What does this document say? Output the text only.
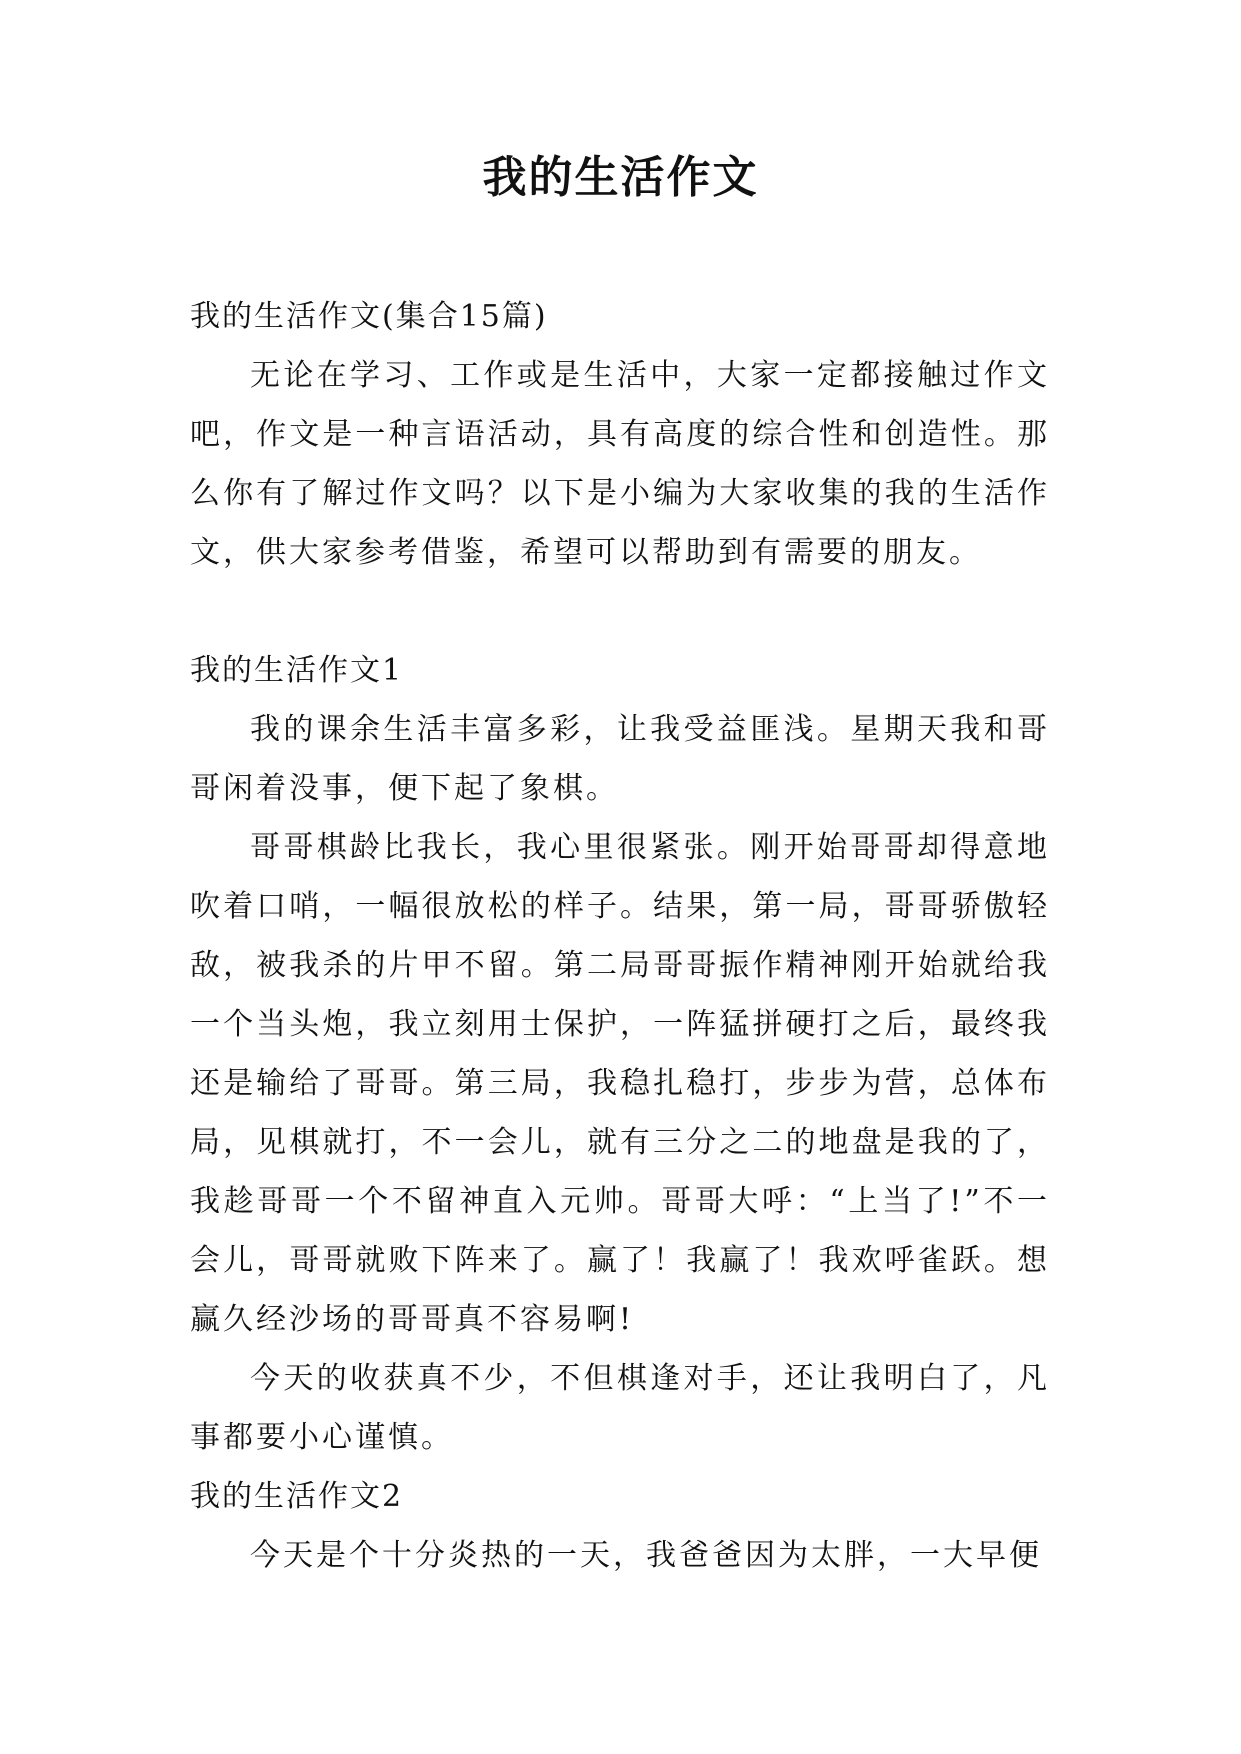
我的生活作文

我的生活作文(集合15篇)

无论在学习、工作或是生活中，大家一定都接触过作文吧，作文是一种言语活动，具有高度的综合性和创造性。那么你有了解过作文吗？以下是小编为大家收集的我的生活作文，供大家参考借鉴，希望可以帮助到有需要的朋友。

我的生活作文1

我的课余生活丰富多彩，让我受益匪浅。星期天我和哥哥闲着没事，便下起了象棋。

哥哥棋龄比我长，我心里很紧张。刚开始哥哥却得意地吹着口哨，一幅很放松的样子。结果，第一局，哥哥骄傲轻敌，被我杀的片甲不留。第二局哥哥振作精神刚开始就给我一个当头炮，我立刻用士保护，一阵猛拼硬打之后，最终我还是输给了哥哥。第三局，我稳扎稳打，步步为营，总体布局，见棋就打，不一会儿，就有三分之二的地盘是我的了，我趁哥哥一个不留神直入元帅。哥哥大呼：“上当了!”不一会儿，哥哥就败下阵来了。赢了！我赢了！我欢呼雀跃。想赢久经沙场的哥哥真不容易啊!

今天的收获真不少，不但棋逢对手，还让我明白了，凡事都要小心谨慎。

我的生活作文2

今天是个十分炎热的一天，我爸爸因为太胖，一大早便
